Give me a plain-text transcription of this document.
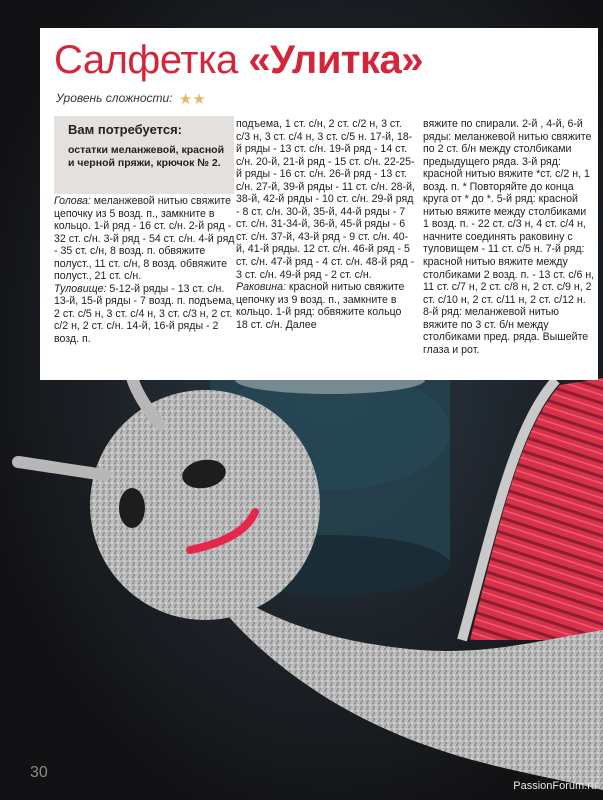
Салфетка «Улитка»
Уровень сложности: ★★
Вам потребуется:
остатки меланжевой, красной и черной пряжи, крючок № 2.

Голова: меланжевой нитью свяжите цепочку из 5 возд. п., замкните в кольцо. 1-й ряд - 16 ст. с/н. 2-й ряд - 32 ст. с/н. 3-й ряд - 54 ст. с/н. 4-й ряд - 35 ст. с/н, 8 возд. п. обвяжите полуст., 11 ст. с/н, 8 возд. обвяжите полуст., 21 ст. с/н.

Туловище: 5-12-й ряды - 13 ст. с/н. 13-й, 15-й ряды - 7 возд. п. подъема, 2 ст. с/5 н, 3 ст. с/4 н, 3 ст. с/3 н, 2 ст. с/2 н, 2 ст. с/н. 14-й, 16-й ряды - 2 возд. п.

подъема, 1 ст. с/н, 2 ст. с/2 н, 3 ст. с/3 н, 3 ст. с/4 н, 3 ст. с/5 н. 17-й, 18-й ряды - 13 ст. с/н. 19-й ряд - 14 ст. с/н. 20-й, 21-й ряд - 15 ст. с/н. 22-25-й ряды - 16 ст. с/н. 26-й ряд - 13 ст. с/н. 27-й, 39-й ряды - 11 ст. с/н. 28-й, 38-й, 42-й ряды - 10 ст. с/н. 29-й ряд - 8 ст. с/н. 30-й, 35-й, 44-й ряды - 7 ст. с/н. 31-34-й, 36-й, 45-й ряды - 6 ст. с/н. 37-й, 43-й ряд - 9 ст. с/н. 40-й, 41-й ряды. 12 ст. с/н. 46-й ряд - 5 ст. с/н. 47-й ряд - 4 ст. с/н. 48-й ряд - 3 ст. с/н. 49-й ряд - 2 ст. с/н.

Раковина: красной нитью свяжите цепочку из 9 возд. п., замкните в кольцо. 1-й ряд: обвяжите кольцо 18 ст. с/н. Далее

вяжите по спирали. 2-й , 4-й, 6-й ряды: меланжевой нитью свяжите по 2 ст. б/н между столбиками предыдущего ряда. 3-й ряд: красной нитью вяжите *ст. с/2 н, 1 возд. п. * Повторяйте до конца круга от * до *. 5-й ряд: красной нитью вяжите между столбиками 1 возд. п. - 22 ст. с/3 н, 4 ст. с/4 н, начните соединять раковину с туловищем - 11 ст. с/5 н. 7-й ряд: красной нитью вяжите между столбиками 2 возд. п. - 13 ст. с/6 н, 11 ст. с/7 н, 2 ст. с/8 н, 2 ст. с/9 н, 2 ст. с/10 н, 2 ст. с/11 н, 2 ст. с/12 н. 8-й ряд: меланжевой нитью вяжите по 3 ст. б/н между столбиками пред. ряда. Вышейте глаза и рот.

30
PassionForum.ru
